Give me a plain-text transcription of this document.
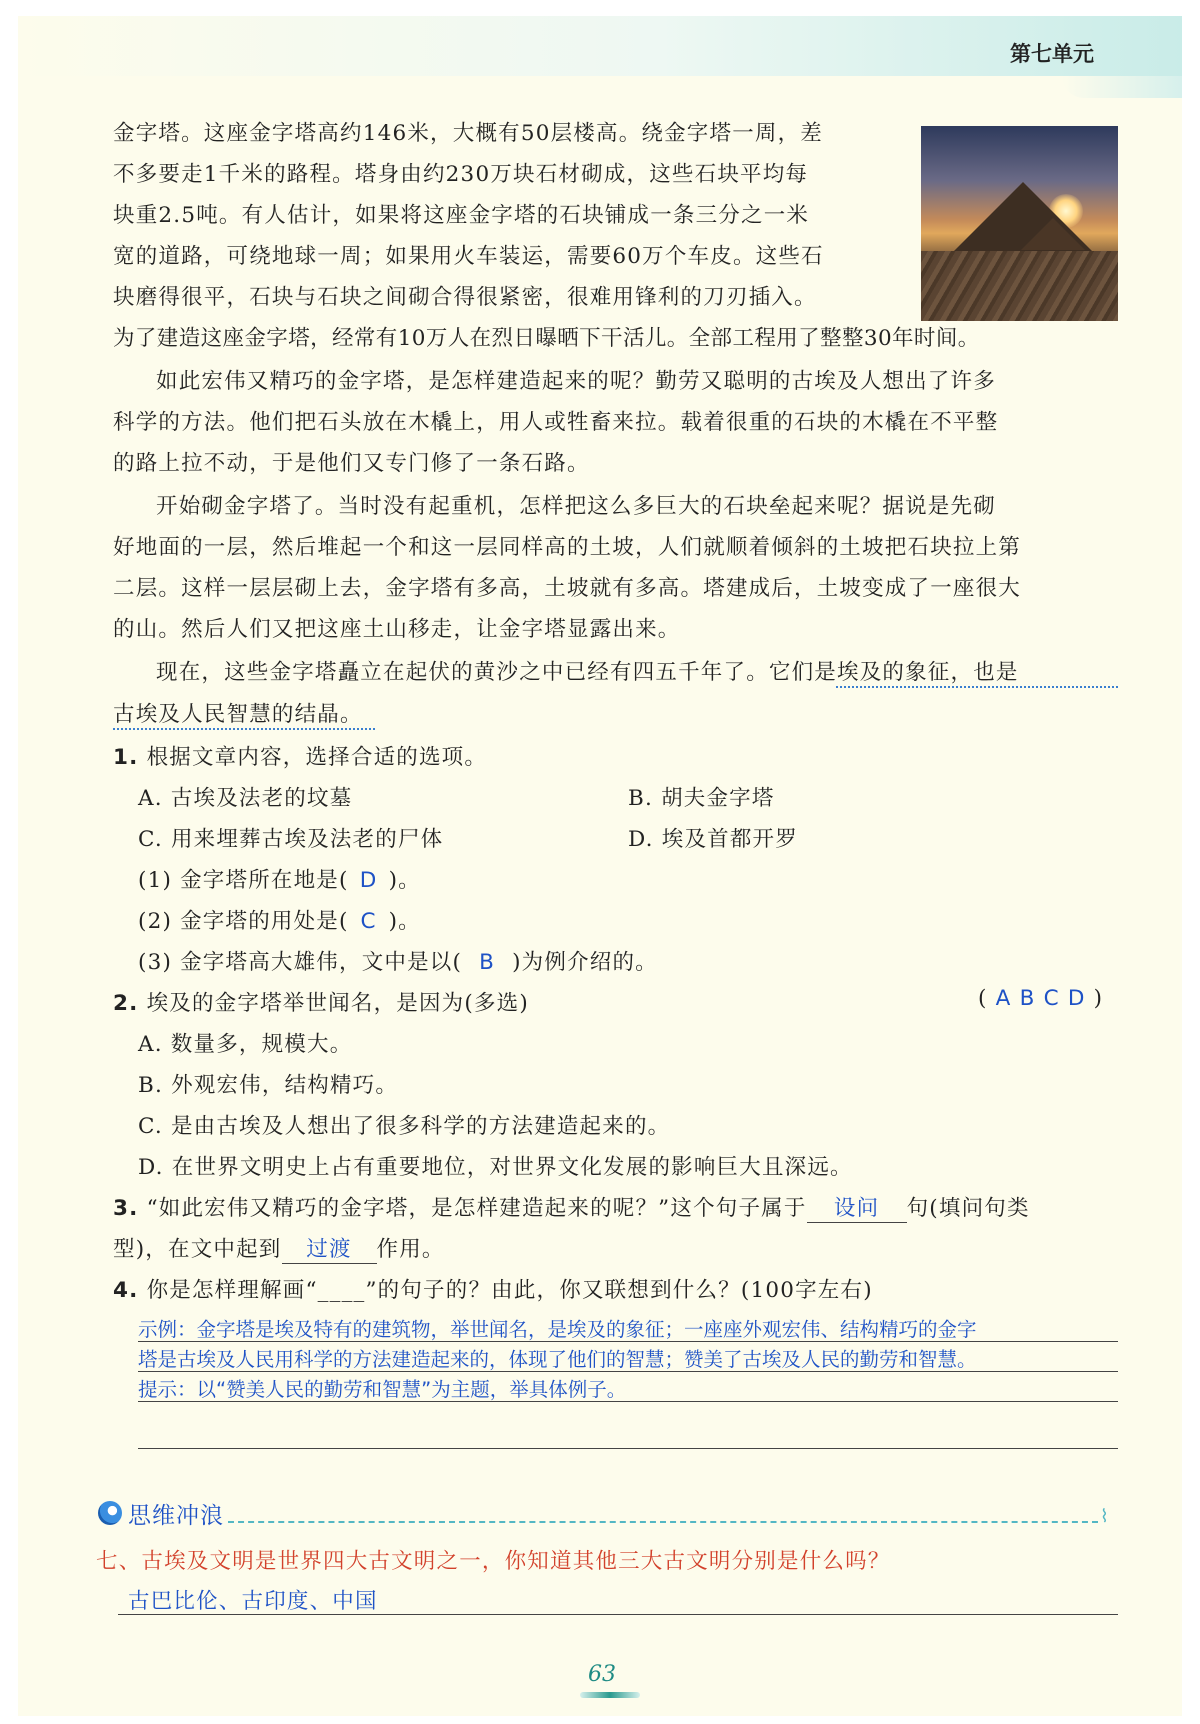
第七单元
金字塔。这座金字塔高约146米，大概有50层楼高。绕金字塔一周，差
不多要走1千米的路程。塔身由约230万块石材砌成，这些石块平均每
块重2.5吨。有人估计，如果将这座金字塔的石块铺成一条三分之一米
宽的道路，可绕地球一周；如果用火车装运，需要60万个车皮。这些石
块磨得很平，石块与石块之间砌合得很紧密，很难用锋利的刀刃插入。
为了建造这座金字塔，经常有10万人在烈日曝晒下干活儿。全部工程用了整整30年时间。
如此宏伟又精巧的金字塔，是怎样建造起来的呢？勤劳又聪明的古埃及人想出了许多
科学的方法。他们把石头放在木橇上，用人或牲畜来拉。载着很重的石块的木橇在不平整
的路上拉不动，于是他们又专门修了一条石路。
开始砌金字塔了。当时没有起重机，怎样把这么多巨大的石块垒起来呢？据说是先砌
好地面的一层，然后堆起一个和这一层同样高的土坡，人们就顺着倾斜的土坡把石块拉上第
二层。这样一层层砌上去，金字塔有多高，土坡就有多高。塔建成后，土坡变成了一座很大
的山。然后人们又把这座土山移走，让金字塔显露出来。
现在，这些金字塔矗立在起伏的黄沙之中已经有四五千年了。它们是埃及的象征，也是
古埃及人民智慧的结晶。
1. 根据文章内容，选择合适的选项。
A. 古埃及法老的坟墓	B. 胡夫金字塔
C. 用来埋葬古埃及法老的尸体	D. 埃及首都开罗
(1) 金字塔所在地是( D )。
(2) 金字塔的用处是( C )。
(3) 金字塔高大雄伟，文中是以( B )为例介绍的。
2. 埃及的金字塔举世闻名，是因为(多选)	( A B C D )
A. 数量多，规模大。
B. 外观宏伟，结构精巧。
C. 是由古埃及人想出了很多科学的方法建造起来的。
D. 在世界文明史上占有重要地位，对世界文化发展的影响巨大且深远。
3. “如此宏伟又精巧的金字塔，是怎样建造起来的呢？”这个句子属于 设问 句(填问句类
型)，在文中起到 过渡 作用。
4. 你是怎样理解画“____”的句子的？由此，你又联想到什么？(100字左右)
示例：金字塔是埃及特有的建筑物，举世闻名，是埃及的象征；一座座外观宏伟、结构精巧的金字
塔是古埃及人民用科学的方法建造起来的，体现了他们的智慧；赞美了古埃及人民的勤劳和智慧。
提示：以“赞美人民的勤劳和智慧”为主题，举具体例子。
思维冲浪	⌇
七、古埃及文明是世界四大古文明之一，你知道其他三大古文明分别是什么吗？
古巴比伦、古印度、中国
63
